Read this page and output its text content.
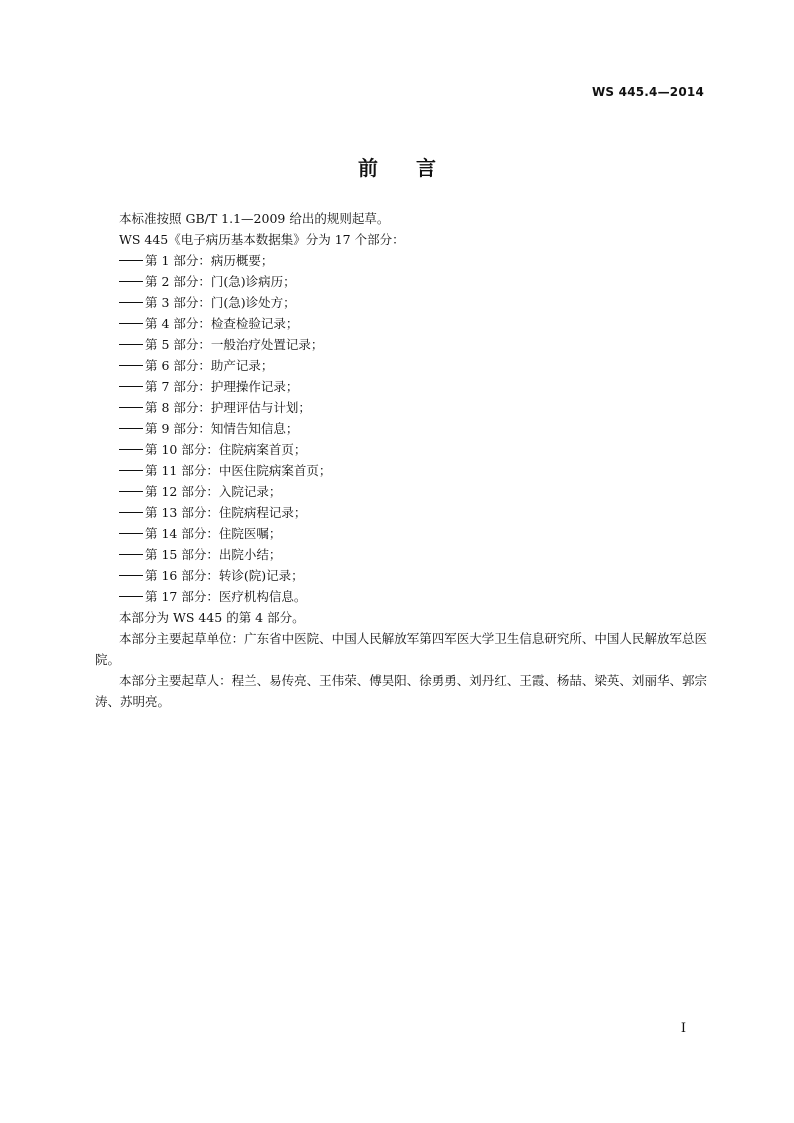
WS 445.4—2014
前言

本标准按照 GB/T 1.1—2009 给出的规则起草。

WS 445《电子病历基本数据集》分为 17 个部分：

第 1 部分：病历概要；
第 2 部分：门(急)诊病历；
第 3 部分：门(急)诊处方；
第 4 部分：检查检验记录；
第 5 部分：一般治疗处置记录；
第 6 部分：助产记录；
第 7 部分：护理操作记录；
第 8 部分：护理评估与计划；
第 9 部分：知情告知信息；
第 10 部分：住院病案首页；
第 11 部分：中医住院病案首页；
第 12 部分：入院记录；
第 13 部分：住院病程记录；
第 14 部分：住院医嘱；
第 15 部分：出院小结；
第 16 部分：转诊(院)记录；
第 17 部分：医疗机构信息。

本部分为 WS 445 的第 4 部分。

本部分主要起草单位：广东省中医院、中国人民解放军第四军医大学卫生信息研究所、中国人民解放军总医院。

本部分主要起草人：程兰、易传亮、王伟荣、傅昊阳、徐勇勇、刘丹红、王霞、杨喆、梁英、刘丽华、郭宗涛、苏明亮。

I
